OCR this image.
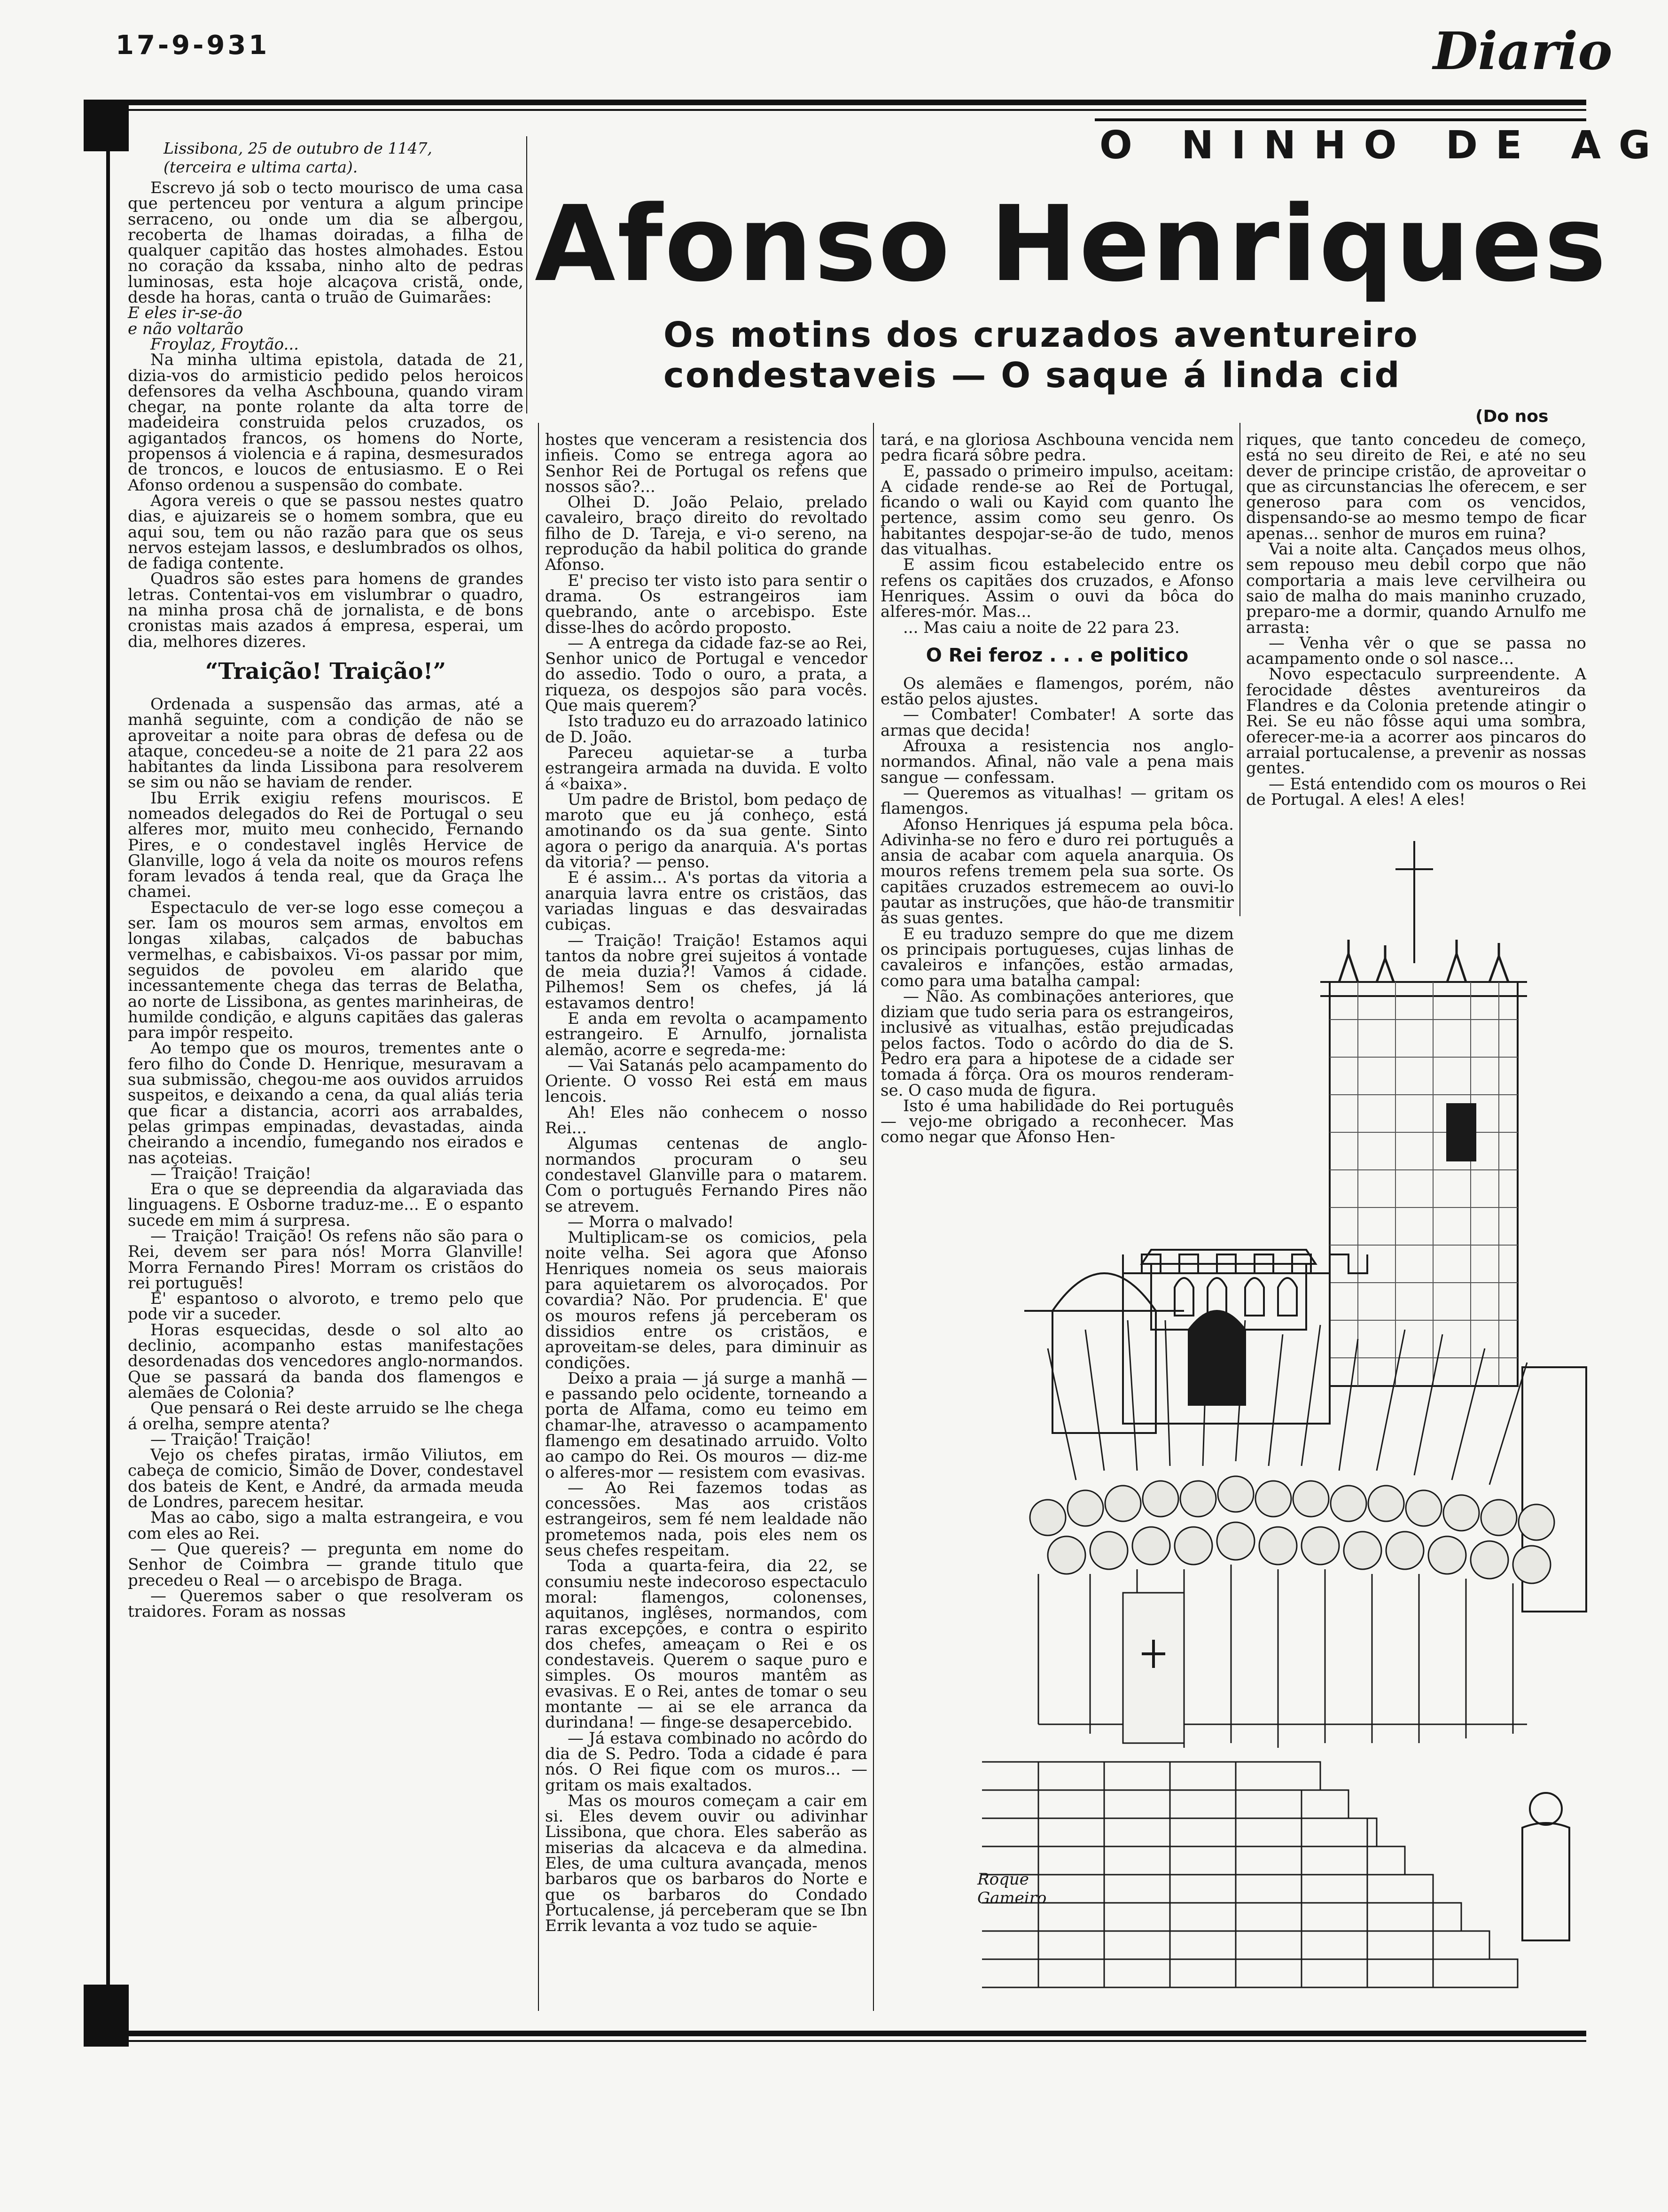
17-9-931	Diario
O NINHO DE AG
Afonso Henriques
Os motins dos cruzados aventureiro
condestaveis — O saque á linda cid
(Do nos
Lissibona, 25 de outubro de 1147,
(terceira e ultima carta).

Escrevo já sob o tecto mourisco de uma casa que pertenceu por ventura a algum principe serraceno, ou onde um dia se albergou, recoberta de lhamas doiradas, a filha de qualquer capitão das hostes almohades. Estou no coração da kssaba, ninho alto de pedras luminosas, esta hoje alcaçova cristã, onde, desde ha horas, canta o truão de Guimarães:

E eles ir-se-ão

e não voltarão

Froylaz, Froytão...

Na minha ultima epistola, datada de 21, dizia-vos do armisticio pedido pelos heroicos defensores da velha Aschbouna, quando viram chegar, na ponte rolante da alta torre de madeideira construida pelos cruzados, os agigantados francos, os homens do Norte, propensos á violencia e á rapina, desmesurados de troncos, e loucos de entusiasmo. E o Rei Afonso ordenou a suspensão do combate.

Agora vereis o que se passou nestes quatro dias, e ajuizareis se o homem sombra, que eu aqui sou, tem ou não razão para que os seus nervos estejam lassos, e deslumbrados os olhos, de fadiga contente.

Quadros são estes para homens de grandes letras. Contentai-vos em vislumbrar o quadro, na minha prosa chã de jornalista, e de bons cronistas mais azados á empresa, esperai, um dia, melhores dizeres.

“Traição! Traição!”

Ordenada a suspensão das armas, até a manhã seguinte, com a condição de não se aproveitar a noite para obras de defesa ou de ataque, concedeu-se a noite de 21 para 22 aos habitantes da linda Lissibona para resolverem se sim ou não se haviam de render.

Ibu Errik exigiu refens mouriscos. E nomeados delegados do Rei de Portugal o seu alferes mor, muito meu conhecido, Fernando Pires, e o condestavel inglês Hervice de Glanville, logo á vela da noite os mouros refens foram levados á tenda real, que da Graça lhe chamei.

Espectaculo de ver-se logo esse começou a ser. Iam os mouros sem armas, envoltos em longas xilabas, calçados de babuchas vermelhas, e cabisbaixos. Vi-os passar por mim, seguidos de povoleu em alarido que incessantemente chega das terras de Belatha, ao norte de Lissibona, as gentes marinheiras, de humilde condição, e alguns capitães das galeras para impôr respeito.

Ao tempo que os mouros, trementes ante o fero filho do Conde D. Henrique, mesuravam a sua submissão, chegou-me aos ouvidos arruidos suspeitos, e deixando a cena, da qual aliás teria que ficar a distancia, acorri aos arrabaldes, pelas grimpas empinadas, devastadas, ainda cheirando a incendio, fumegando nos eirados e nas açoteias.

— Traição! Traição!

Era o que se depreendia da algaraviada das linguagens. E Osborne traduz-me... E o espanto sucede em mim á surpresa.

— Traição! Traição! Os refens não são para o Rei, devem ser para nós! Morra Glanville! Morra Fernando Pires! Morram os cristãos do rei portuguēs!

E' espantoso o alvoroto, e tremo pelo que pode vir a suceder.

Horas esquecidas, desde o sol alto ao declinio, acompanho estas manifestações desordenadas dos vencedores anglo-normandos. Que se passará da banda dos flamengos e alemães de Colonia?

Que pensará o Rei deste arruido se lhe chega á orelha, sempre atenta?

— Traição! Traição!

Vejo os chefes piratas, irmão Viliutos, em cabeça de comicio, Simão de Dover, condestavel dos bateis de Kent, e André, da armada meuda de Londres, parecem hesitar.

Mas ao cabo, sigo a malta estrangeira, e vou com eles ao Rei.

— Que quereis? — pregunta em nome do Senhor de Coimbra — grande titulo que precedeu o Real — o arcebispo de Braga.

— Queremos saber o que resolveram os traidores. Foram as nossas

hostes que venceram a resistencia dos infieis. Como se entrega agora ao Senhor Rei de Portugal os refens que nossos são?...

Olhei D. João Pelaio, prelado cavaleiro, braço direito do revoltado filho de D. Tareja, e vi-o sereno, na reprodução da habil politica do grande Afonso.

E' preciso ter visto isto para sentir o drama. Os estrangeiros iam quebrando, ante o arcebispo. Este disse-lhes do acôrdo proposto.

— A entrega da cidade faz-se ao Rei, Senhor unico de Portugal e vencedor do assedio. Todo o ouro, a prata, a riqueza, os despojos são para vocês. Que mais querem?

Isto traduzo eu do arrazoado latinico de D. João.

Pareceu aquietar-se a turba estrangeira armada na duvida. E volto á «baixa».

Um padre de Bristol, bom pedaço de maroto que eu já conheço, está amotinando os da sua gente. Sinto agora o perigo da anarquia. A's portas da vitoria? — penso.

E é assim... A's portas da vitoria a anarquia lavra entre os cristãos, das variadas linguas e das desvairadas cubiças.

— Traição! Traição! Estamos aqui tantos da nobre grei sujeitos á vontade de meia duzia?! Vamos á cidade. Pilhemos! Sem os chefes, já lá estavamos dentro!

E anda em revolta o acampamento estrangeiro. E Arnulfo, jornalista alemão, acorre e segreda-me:

— Vai Satanás pelo acampamento do Oriente. O vosso Rei está em maus lencois.

Ah! Eles não conhecem o nosso Rei...

Algumas centenas de anglo-normandos procuram o seu condestavel Glanville para o matarem. Com o português Fernando Pires não se atrevem.

— Morra o malvado!

Multiplicam-se os comicios, pela noite velha. Sei agora que Afonso Henriques nomeia os seus maiorais para aquietarem os alvoroçados. Por covardia? Não. Por prudencia. E' que os mouros refens já perceberam os dissidios entre os cristãos, e aproveitam-se deles, para diminuir as condições.

Deixo a praia — já surge a manhã — e passando pelo ocidente, torneando a porta de Alfama, como eu teimo em chamar-lhe, atravesso o acampamento flamengo em desatinado arruido. Volto ao campo do Rei. Os mouros — diz-me o alferes-mor — resistem com evasivas.

— Ao Rei fazemos todas as concessões. Mas aos cristãos estrangeiros, sem fé nem lealdade não prometemos nada, pois eles nem os seus chefes respeitam.

Toda a quarta-feira, dia 22, se consumiu neste indecoroso espectaculo moral: flamengos, colonenses, aquitanos, inglêses, normandos, com raras excepções, e contra o espirito dos chefes, ameaçam o Rei e os condestaveis. Querem o saque puro e simples. Os mouros mantêm as evasivas. E o Rei, antes de tomar o seu montante — ai se ele arranca da durindana! — finge-se desapercebido.

— Já estava combinado no acôrdo do dia de S. Pedro. Toda a cidade é para nós. O Rei fique com os muros... — gritam os mais exaltados.

Mas os mouros começam a cair em si. Eles devem ouvir ou adivinhar Lissibona, que chora. Eles saberão as miserias da alcaceva e da almedina. Eles, de uma cultura avançada, menos barbaros que os barbaros do Norte e que os barbaros do Condado Portucalense, já perceberam que se Ibn Errik levanta a voz tudo se aquie-

tará, e na gloriosa Aschbouna vencida nem pedra ficará sôbre pedra.

E, passado o primeiro impulso, aceitam: A cidade rende-se ao Rei de Portugal, ficando o wali ou Kayid com quanto lhe pertence, assim como seu genro. Os habitantes despojar-se-ão de tudo, menos das vitualhas.

E assim ficou estabelecido entre os refens os capitães dos cruzados, e Afonso Henriques. Assim o ouvi da bôca do alferes-mór. Mas...

... Mas caiu a noite de 22 para 23.

O Rei feroz . . . e politico

Os alemães e flamengos, porém, não estão pelos ajustes.

— Combater! Combater! A sorte das armas que decida!

Afrouxa a resistencia nos anglo-normandos. Afinal, não vale a pena mais sangue — confessam.

— Queremos as vitualhas! — gritam os flamengos.

Afonso Henriques já espuma pela bôca. Adivinha-se no fero e duro rei português a ansia de acabar com aquela anarquia. Os mouros refens tremem pela sua sorte. Os capitães cruzados estremecem ao ouvi-lo pautar as instruções, que hão-de transmitir ás suas gentes.

E eu traduzo sempre do que me dizem os principais portugueses, cujas linhas de cavaleiros e infanções, estão armadas, como para uma batalha campal:

— Não. As combinações anteriores, que diziam que tudo seria para os estrangeiros, inclusivé as vitualhas, estão prejudicadas pelos factos. Todo o acôrdo do dia de S. Pedro era para a hipotese de a cidade ser tomada á fôrça. Ora os mouros renderam-se. O caso muda de figura.

Isto é uma habilidade do Rei português — vejo-me obrigado a reconhecer. Mas como negar que Afonso Hen-

riques, que tanto concedeu de começo, está no seu direito de Rei, e até no seu dever de principe cristão, de aproveitar o que as circunstancias lhe oferecem, e ser generoso para com os vencidos, dispensando-se ao mesmo tempo de ficar apenas... senhor de muros em ruina?

Vai a noite alta. Cançados meus olhos, sem repouso meu debil corpo que não comportaria a mais leve cervilheira ou saio de malha do mais maninho cruzado, preparo-me a dormir, quando Arnulfo me arrasta:

— Venha vêr o que se passa no acampamento onde o sol nasce...

Novo espectaculo surpreendente. A ferocidade dêstes aventureiros da Flandres e da Colonia pretende atingir o Rei. Se eu não fôsse aqui uma sombra, oferecer-me-ia a acorrer aos pincaros do arraial portucalense, a prevenir as nossas gentes.

— Está entendido com os mouros o Rei de Portugal. A eles! A eles!

Roque Gameiro
